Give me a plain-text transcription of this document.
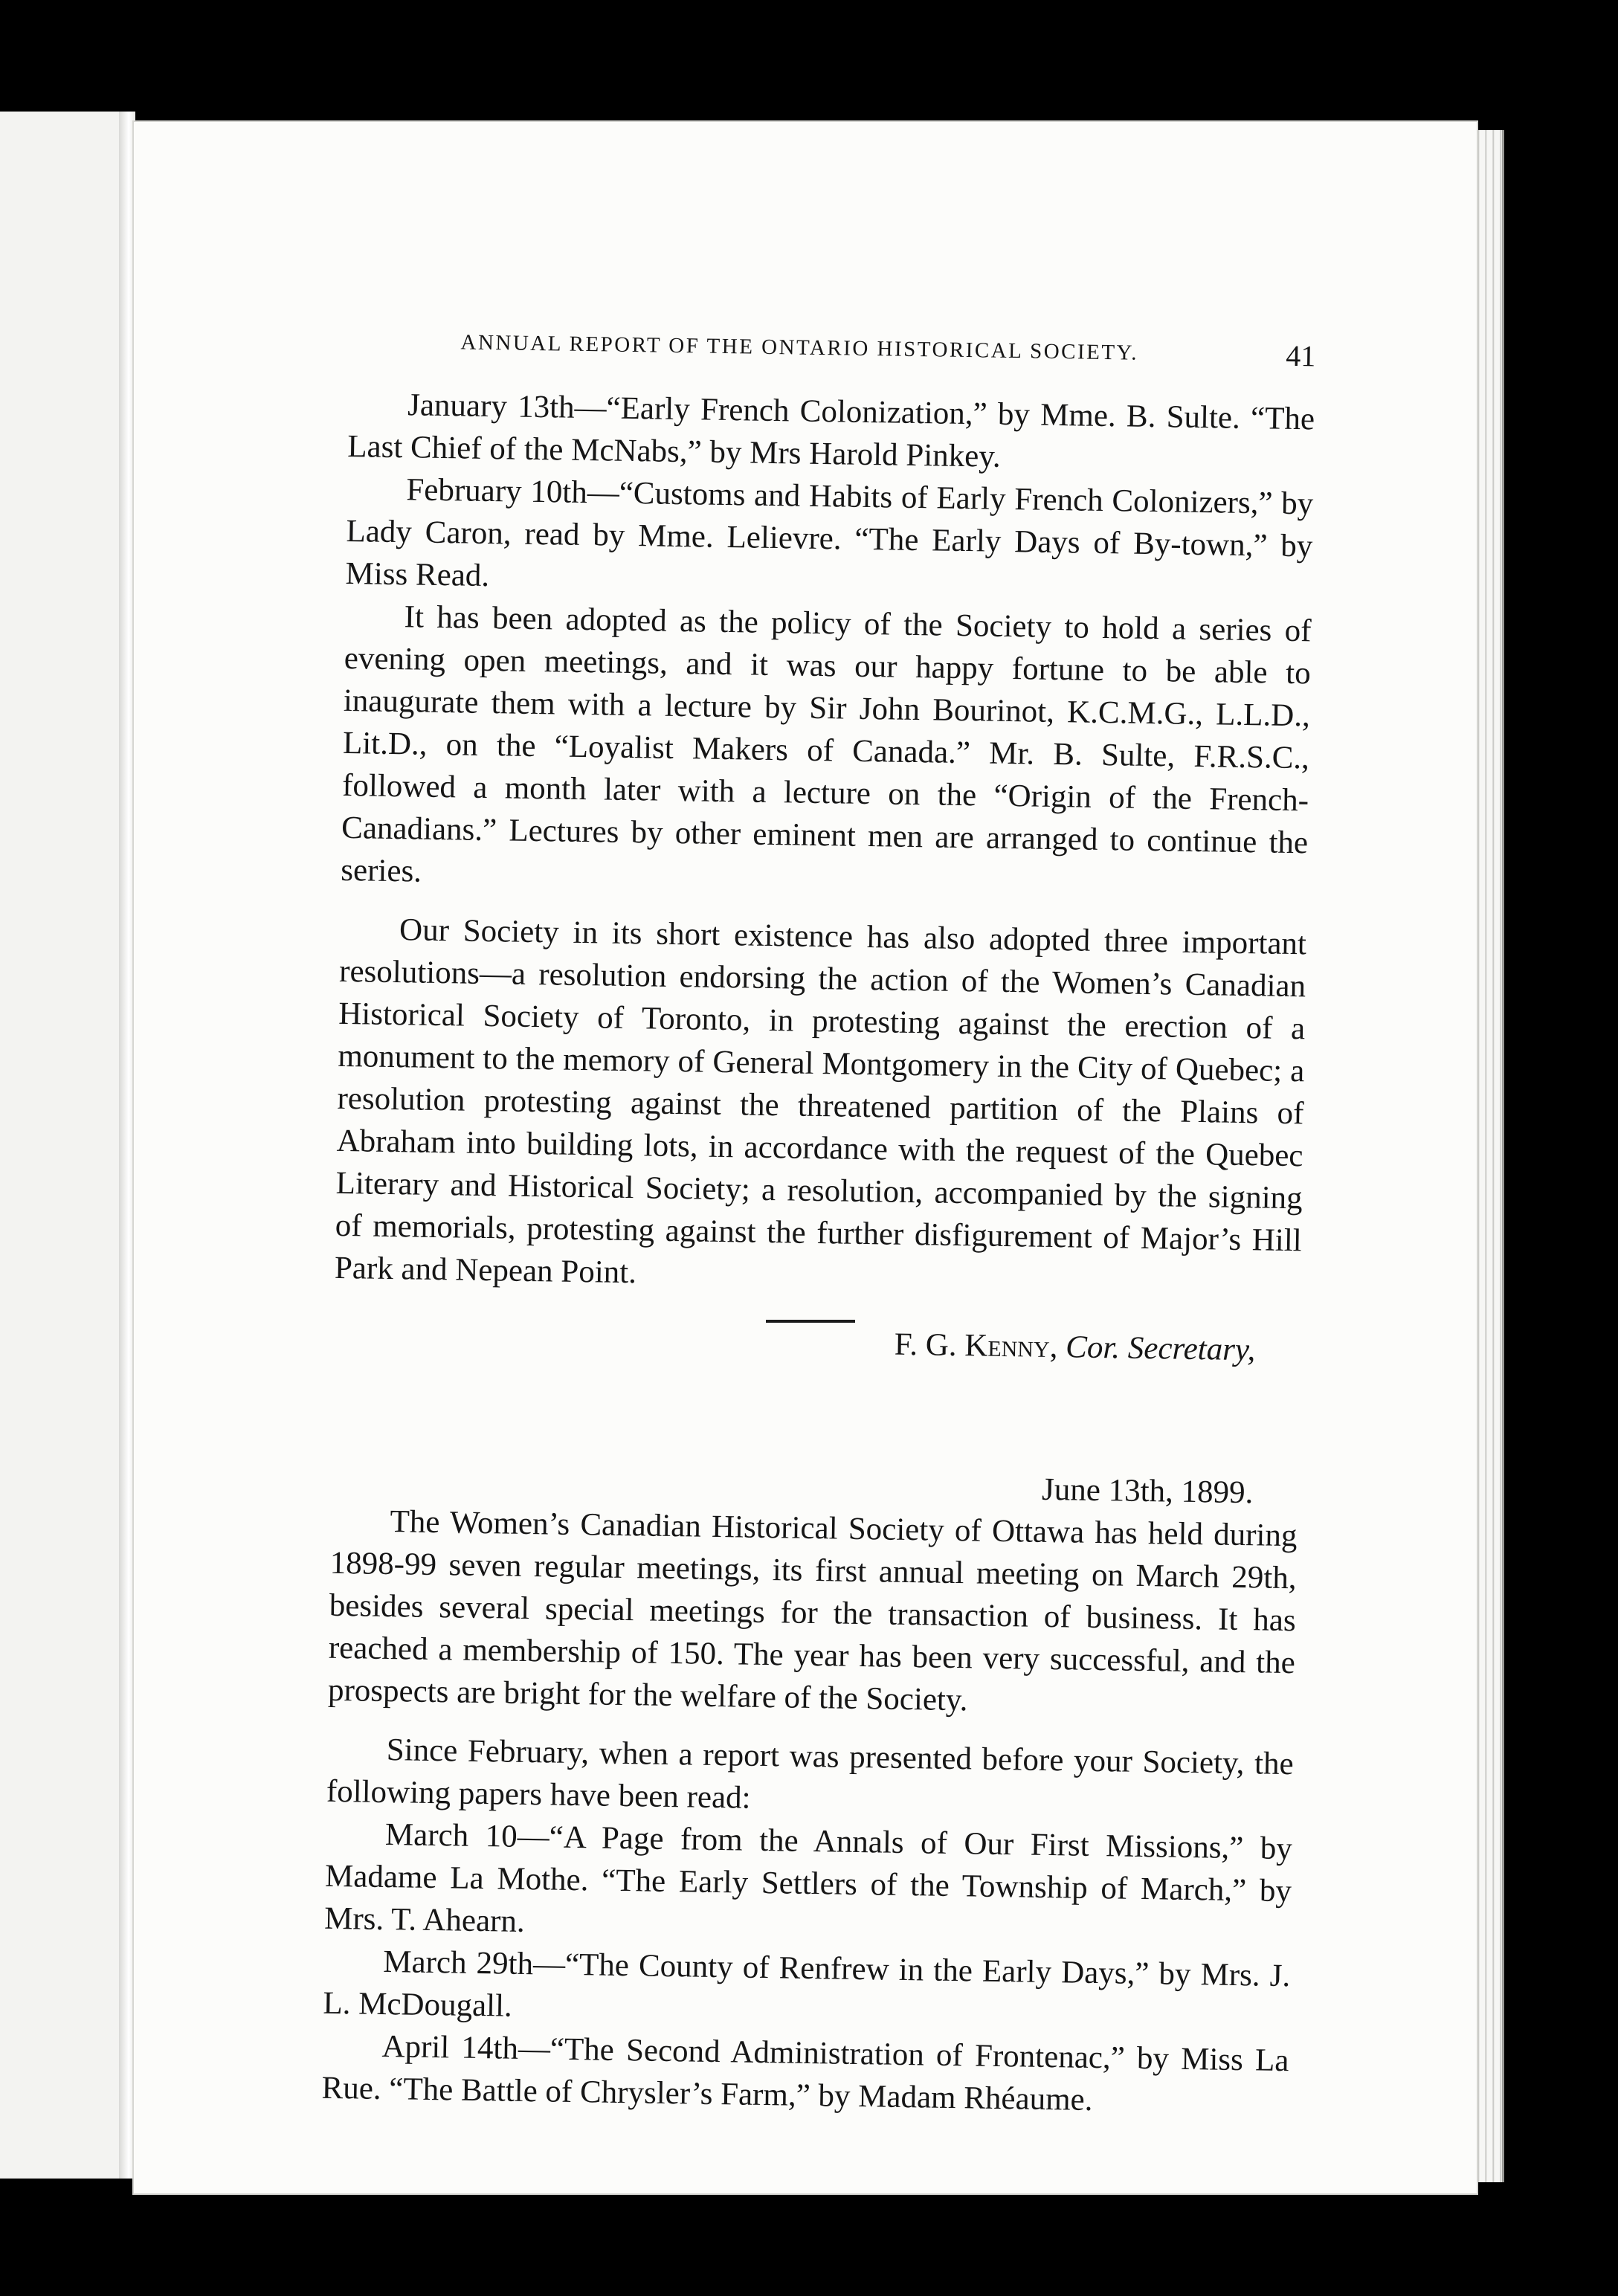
ANNUAL REPORT OF THE ONTARIO HISTORICAL SOCIETY.	41

January 13th—“Early French Colonization,” by Mme. B. Sulte. “The Last Chief of the McNabs,” by Mrs Harold Pinkey.

February 10th—“Customs and Habits of Early French Colonizers,” by Lady Caron, read by Mme. Lelievre. “The Early Days of By-town,” by Miss Read.

It has been adopted as the policy of the Society to hold a series of evening open meetings, and it was our happy fortune to be able to inaugurate them with a lecture by Sir John Bourinot, K.C.M.G., L.L.D., Lit.D., on the “Loyalist Makers of Canada.” Mr. B. Sulte, F.R.S.C., followed a month later with a lecture on the “Origin of the French-Canadians.” Lectures by other eminent men are arranged to continue the series.

Our Society in its short existence has also adopted three important resolutions—a resolution endorsing the action of the Women’s Canadian Historical Society of Toronto, in protesting against the erection of a monument to the memory of General Montgomery in the City of Quebec; a resolution protesting against the threatened partition of the Plains of Abraham into building lots, in accordance with the request of the Quebec Literary and Historical Society; a resolution, accompanied by the signing of memorials, protesting against the further disfigurement of Major’s Hill Park and Nepean Point.

F. G. Kenny, Cor. Secretary,
June 13th, 1899.

The Women’s Canadian Historical Society of Ottawa has held during 1898-99 seven regular meetings, its first annual meeting on March 29th, besides several special meetings for the transaction of business. It has reached a membership of 150. The year has been very successful, and the prospects are bright for the welfare of the Society.

Since February, when a report was presented before your Society, the following papers have been read:

March 10—“A Page from the Annals of Our First Missions,” by Madame La Mothe. “The Early Settlers of the Township of March,” by Mrs. T. Ahearn.

March 29th—“The County of Renfrew in the Early Days,” by Mrs. J. L. McDougall.

April 14th—“The Second Administration of Frontenac,” by Miss La Rue. “The Battle of Chrysler’s Farm,” by Madam Rhéaume.
